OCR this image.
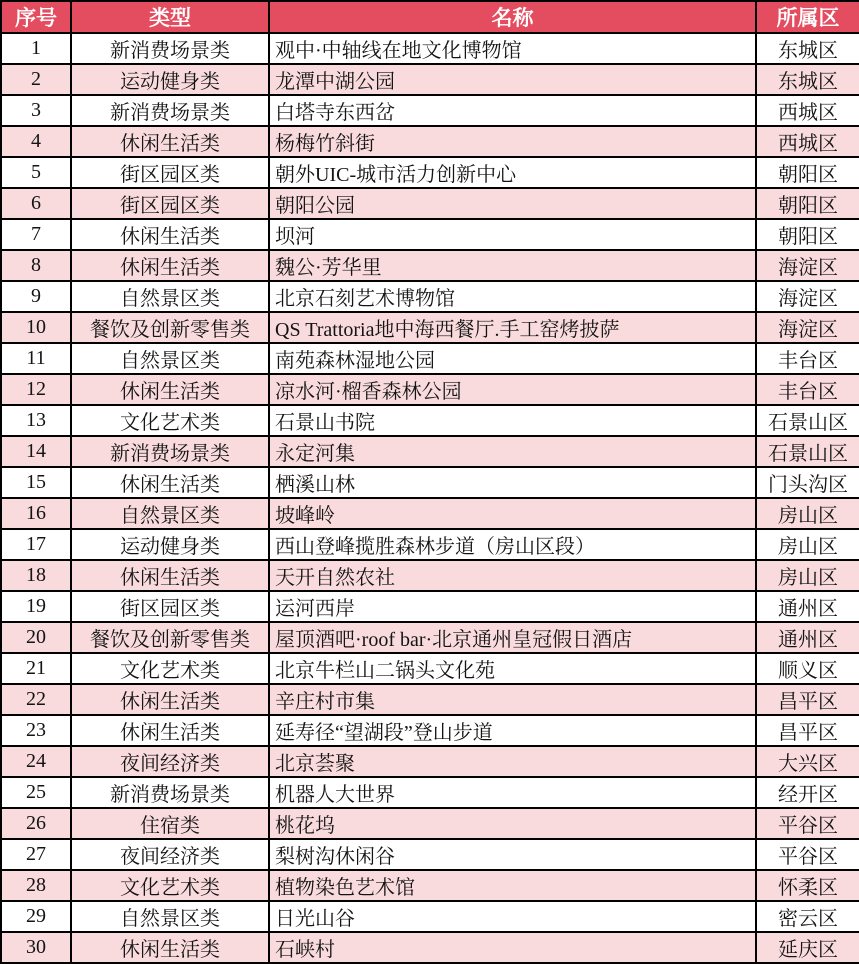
序号	类型	名称	所属区
1	新消费场景类	观中·中轴线在地文化博物馆	东城区
2	运动健身类	龙潭中湖公园	东城区
3	新消费场景类	白塔寺东西岔	西城区
4	休闲生活类	杨梅竹斜街	西城区
5	街区园区类	朝外UIC-城市活力创新中心	朝阳区
6	街区园区类	朝阳公园	朝阳区
7	休闲生活类	坝河	朝阳区
8	休闲生活类	魏公·芳华里	海淀区
9	自然景区类	北京石刻艺术博物馆	海淀区
10	餐饮及创新零售类	QS Trattoria地中海西餐厅.手工窑烤披萨	海淀区
11	自然景区类	南苑森林湿地公园	丰台区
12	休闲生活类	凉水河·榴香森林公园	丰台区
13	文化艺术类	石景山书院	石景山区
14	新消费场景类	永定河集	石景山区
15	休闲生活类	栖溪山林	门头沟区
16	自然景区类	坡峰岭	房山区
17	运动健身类	西山登峰揽胜森林步道（房山区段）	房山区
18	休闲生活类	天开自然农社	房山区
19	街区园区类	运河西岸	通州区
20	餐饮及创新零售类	屋顶酒吧·roof bar·北京通州皇冠假日酒店	通州区
21	文化艺术类	北京牛栏山二锅头文化苑	顺义区
22	休闲生活类	辛庄村市集	昌平区
23	休闲生活类	延寿径“望湖段”登山步道	昌平区
24	夜间经济类	北京荟聚	大兴区
25	新消费场景类	机器人大世界	经开区
26	住宿类	桃花坞	平谷区
27	夜间经济类	梨树沟休闲谷	平谷区
28	文化艺术类	植物染色艺术馆	怀柔区
29	自然景区类	日光山谷	密云区
30	休闲生活类	石峡村	延庆区
